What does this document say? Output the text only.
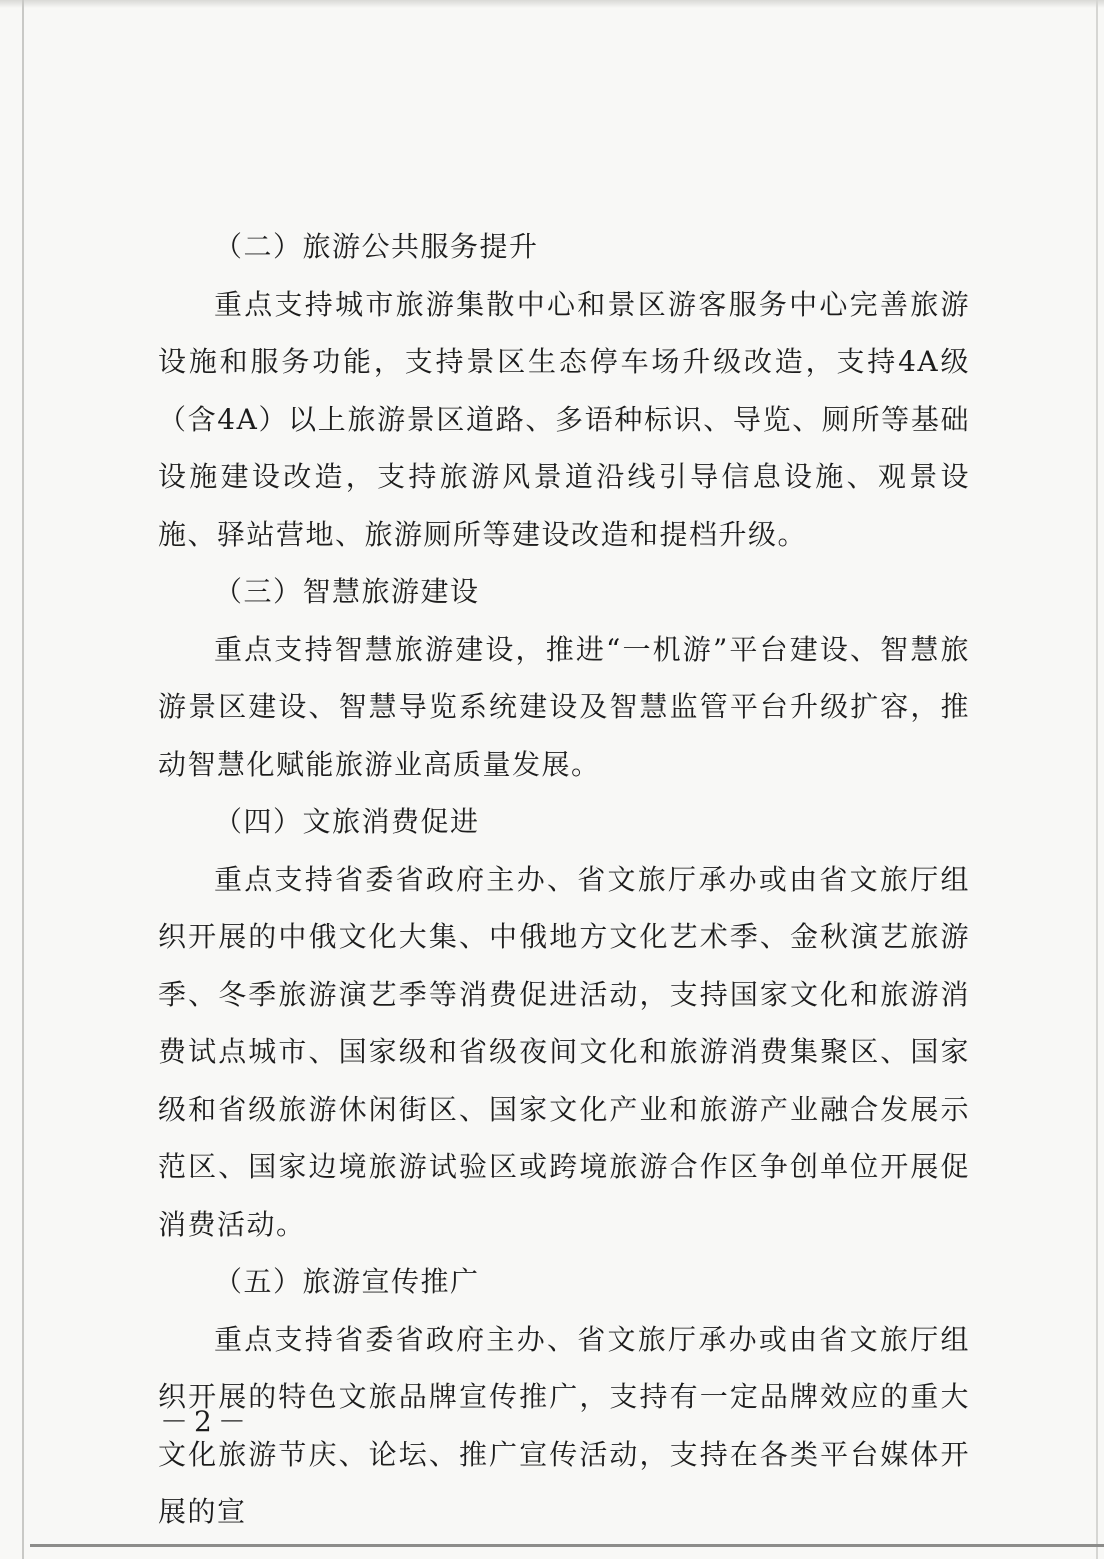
（二）旅游公共服务提升

重点支持城市旅游集散中心和景区游客服务中心完善旅游设施和服务功能，支持景区生态停车场升级改造，支持4A级（含4A）以上旅游景区道路、多语种标识、导览、厕所等基础设施建设改造，支持旅游风景道沿线引导信息设施、观景设施、驿站营地、旅游厕所等建设改造和提档升级。

（三）智慧旅游建设

重点支持智慧旅游建设，推进“一机游”平台建设、智慧旅游景区建设、智慧导览系统建设及智慧监管平台升级扩容，推动智慧化赋能旅游业高质量发展。

（四）文旅消费促进

重点支持省委省政府主办、省文旅厅承办或由省文旅厅组织开展的中俄文化大集、中俄地方文化艺术季、金秋演艺旅游季、冬季旅游演艺季等消费促进活动，支持国家文化和旅游消费试点城市、国家级和省级夜间文化和旅游消费集聚区、国家级和省级旅游休闲街区、国家文化产业和旅游产业融合发展示范区、国家边境旅游试验区或跨境旅游合作区争创单位开展促消费活动。

（五）旅游宣传推广

重点支持省委省政府主办、省文旅厅承办或由省文旅厅组织开展的特色文旅品牌宣传推广，支持有一定品牌效应的重大文化旅游节庆、论坛、推广宣传活动，支持在各类平台媒体开展的宣

－2－
